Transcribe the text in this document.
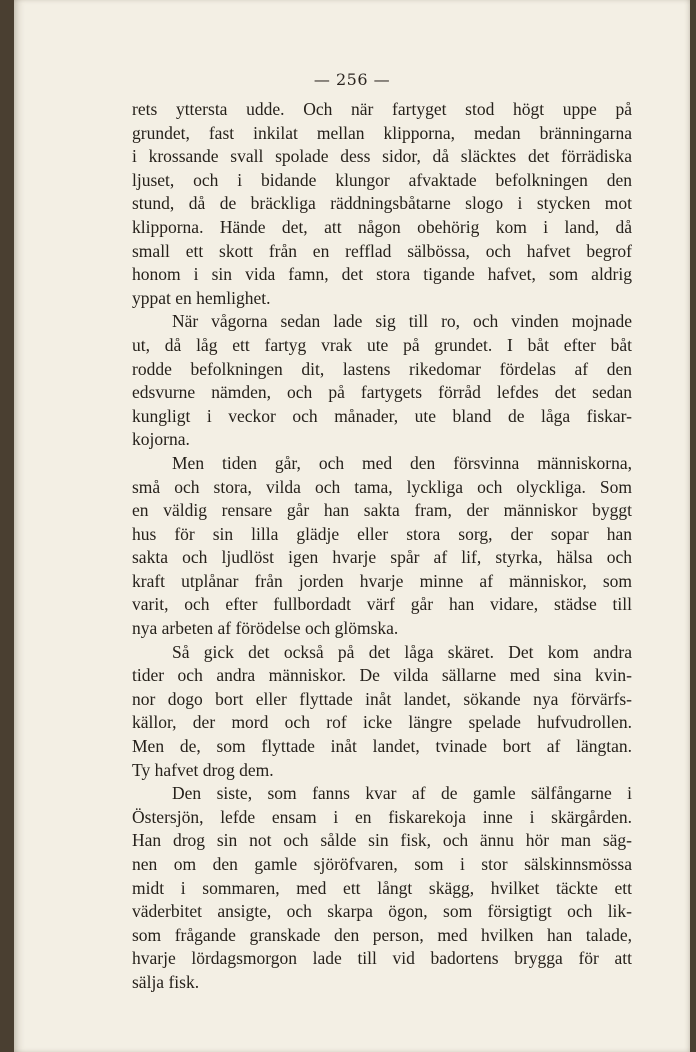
— 256 —
rets yttersta udde. Och när fartyget stod högt uppe på
grundet, fast inkilat mellan klipporna, medan bränningarna
i krossande svall spolade dess sidor, då släcktes det förrädiska
ljuset, och i bidande klungor afvaktade befolkningen den
stund, då de bräckliga räddningsbåtarne slogo i stycken mot
klipporna. Hände det, att någon obehörig kom i land, då
small ett skott från en refflad sälbössa, och hafvet begrof
honom i sin vida famn, det stora tigande hafvet, som aldrig
yppat en hemlighet.
När vågorna sedan lade sig till ro, och vinden mojnade
ut, då låg ett fartyg vrak ute på grundet. I båt efter båt
rodde befolkningen dit, lastens rikedomar fördelas af den
edsvurne nämden, och på fartygets förråd lefdes det sedan
kungligt i veckor och månader, ute bland de låga fiskar-
kojorna.
Men tiden går, och med den försvinna människorna,
små och stora, vilda och tama, lyckliga och olyckliga. Som
en väldig rensare går han sakta fram, der människor byggt
hus för sin lilla glädje eller stora sorg, der sopar han
sakta och ljudlöst igen hvarje spår af lif, styrka, hälsa och
kraft utplånar från jorden hvarje minne af människor, som
varit, och efter fullbordadt värf går han vidare, städse till
nya arbeten af förödelse och glömska.
Så gick det också på det låga skäret. Det kom andra
tider och andra människor. De vilda sällarne med sina kvin-
nor dogo bort eller flyttade inåt landet, sökande nya förvärfs-
källor, der mord och rof icke längre spelade hufvudrollen.
Men de, som flyttade inåt landet, tvinade bort af längtan.
Ty hafvet drog dem.
Den siste, som fanns kvar af de gamle sälfångarne i
Östersjön, lefde ensam i en fiskarekoja inne i skärgården.
Han drog sin not och sålde sin fisk, och ännu hör man säg-
nen om den gamle sjöröfvaren, som i stor sälskinnsmössa
midt i sommaren, med ett långt skägg, hvilket täckte ett
väderbitet ansigte, och skarpa ögon, som försigtigt och lik-
som frågande granskade den person, med hvilken han talade,
hvarje lördagsmorgon lade till vid badortens brygga för att
sälja fisk.
